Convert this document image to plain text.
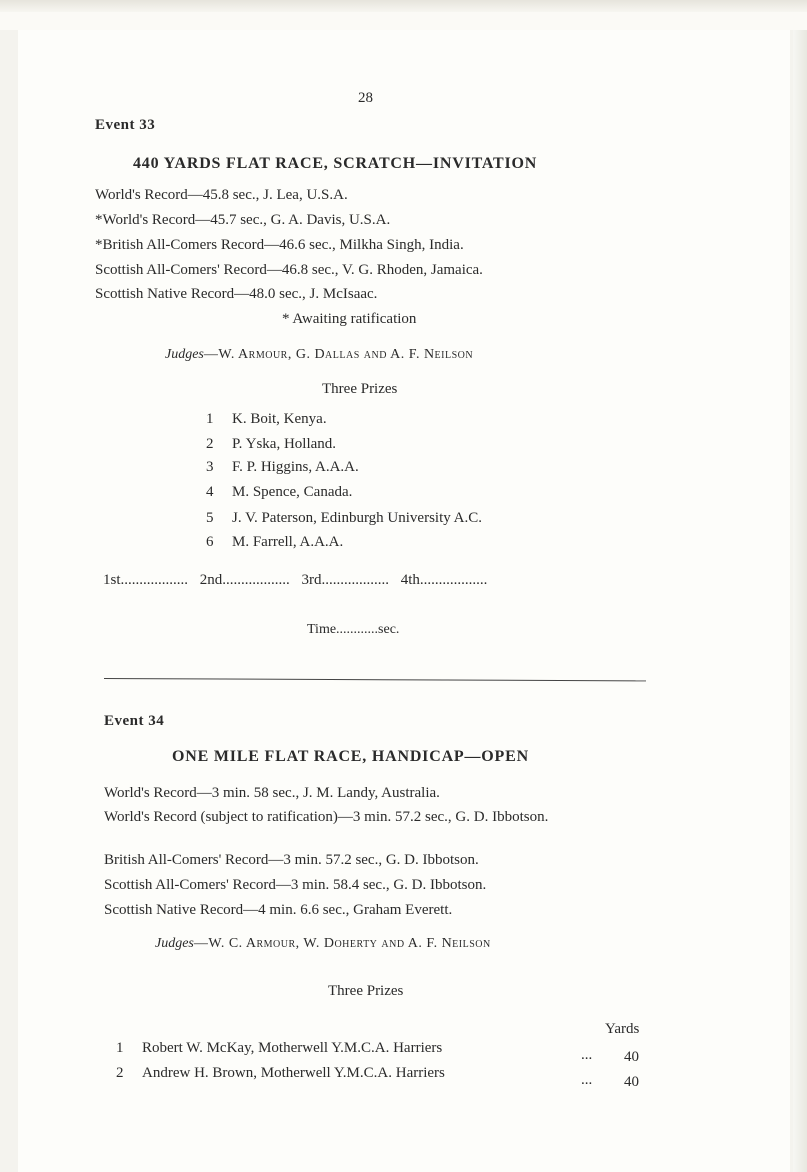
28
Event 33
440 YARDS FLAT RACE, SCRATCH—INVITATION
World's Record—45.8 sec., J. Lea, U.S.A.
*World's Record—45.7 sec., G. A. Davis, U.S.A.
*British All-Comers Record—46.6 sec., Milkha Singh, India.
Scottish All-Comers' Record—46.8 sec., V. G. Rhoden, Jamaica.
Scottish Native Record—48.0 sec., J. McIsaac.
* Awaiting ratification
Judges—W. Armour, G. Dallas and A. F. Neilson
Three Prizes
1 K. Boit, Kenya.
2 P. Yska, Holland.
3 F. P. Higgins, A.A.A.
4 M. Spence, Canada.
5 J. V. Paterson, Edinburgh University A.C.
6 M. Farrell, A.A.A.
1st.................. 2nd.................. 3rd.................. 4th..................
Time............sec.
Event 34
ONE MILE FLAT RACE, HANDICAP—OPEN
World's Record—3 min. 58 sec., J. M. Landy, Australia.
World's Record (subject to ratification)—3 min. 57.2 sec., G. D. Ibbotson.
British All-Comers' Record—3 min. 57.2 sec., G. D. Ibbotson.
Scottish All-Comers' Record—3 min. 58.4 sec., G. D. Ibbotson.
Scottish Native Record—4 min. 6.6 sec., Graham Everett.
Judges—W. C. Armour, W. Doherty and A. F. Neilson
Three Prizes
Yards
1 Robert W. McKay, Motherwell Y.M.C.A. Harriers	... 40
2 Andrew H. Brown, Motherwell Y.M.C.A. Harriers	... 40
